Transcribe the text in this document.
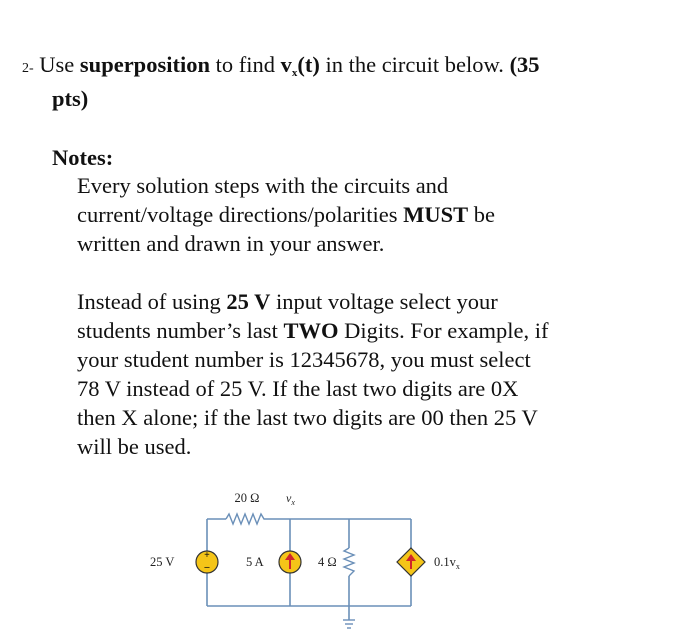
2- Use superposition to find vx(t) in the circuit below. (35
pts)
Notes:
Every solution steps with the circuits and
current/voltage directions/polarities MUST be
written and drawn in your answer.
Instead of using 25 V input voltage select your
students number’s last TWO Digits. For example, if
your student number is 12345678, you must select
78 V instead of 25 V. If the last two digits are 0X
then X alone; if the last two digits are 00 then 25 V
will be used.
+
−
20 Ω $v_x$
25 V	5 A	4 Ω	$0.1v_x$
